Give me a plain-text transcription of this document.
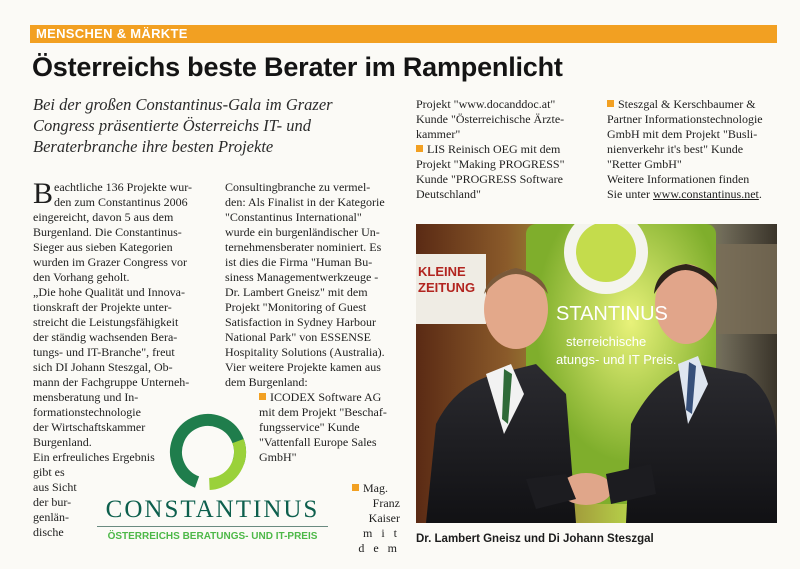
MENSCHEN & MÄRKTE
Österreichs beste Berater im Rampenlicht
Bei der großen Constantinus-Gala im Grazer
Congress präsentierte Österreichs IT- und
Beraterbranche ihre besten Projekte
B eachtliche 136 Projekte wur-
den zum Constantinus 2006
eingereicht, davon 5 aus dem
Burgenland. Die Constantinus-
Sieger aus sieben Kategorien
wurden im Grazer Congress vor
den Vorhang geholt.
„Die hohe Qualität und Innova-
tionskraft der Projekte unter-
streicht die Leistungsfähigkeit
der ständig wachsenden Bera-
tungs- und IT-Branche", freut
sich DI Johann Steszgal, Ob-
mann der Fachgruppe Unterneh-
mensberatung und In-
formationstechnologie
der Wirtschaftskammer
Burgenland.
Ein erfreuliches Ergebnis
gibt es
aus Sicht
der bur-
genlän-
dische
Consultingbranche zu vermel-
den: Als Finalist in der Kategorie
"Constantinus International"
wurde ein burgenländischer Un-
ternehmensberater nominiert. Es
ist dies die Firma "Human Bu-
siness Managementwerkzeuge -
Dr. Lambert Gneisz" mit dem
Projekt "Monitoring of Guest
Satisfaction in Sydney Harbour
National Park" von ESSENSE
Hospitality Solutions (Australia).
Vier weitere Projekte kamen aus
dem Burgenland:
ICODEX Software AG
mit dem Projekt "Beschaf-
fungsservice" Kunde
"Vattenfall Europe Sales
GmbH"
Mag.
Franz
Kaiser
m i t
d e m
Projekt "www.docanddoc.at"
Kunde "Österreichische Ärzte-
kammer"
LIS Reinisch OEG mit dem
Projekt "Making PROGRESS"
Kunde "PROGRESS Software
Deutschland"
Steszgal & Kerschbaumer &
Partner Informationstechnologie
GmbH mit dem Projekt "Busli-
nienverkehr it's best" Kunde
"Retter GmbH"
Weitere Informationen finden
Sie unter www.constantinus.net.
KLEINE
ZEITUNG
STANTINUS
sterreichische
atungs- und IT Preis.
Dr. Lambert Gneisz und Di Johann Steszgal
CONSTANTINUS
ÖSTERREICHS BERATUNGS- UND IT-PREIS
